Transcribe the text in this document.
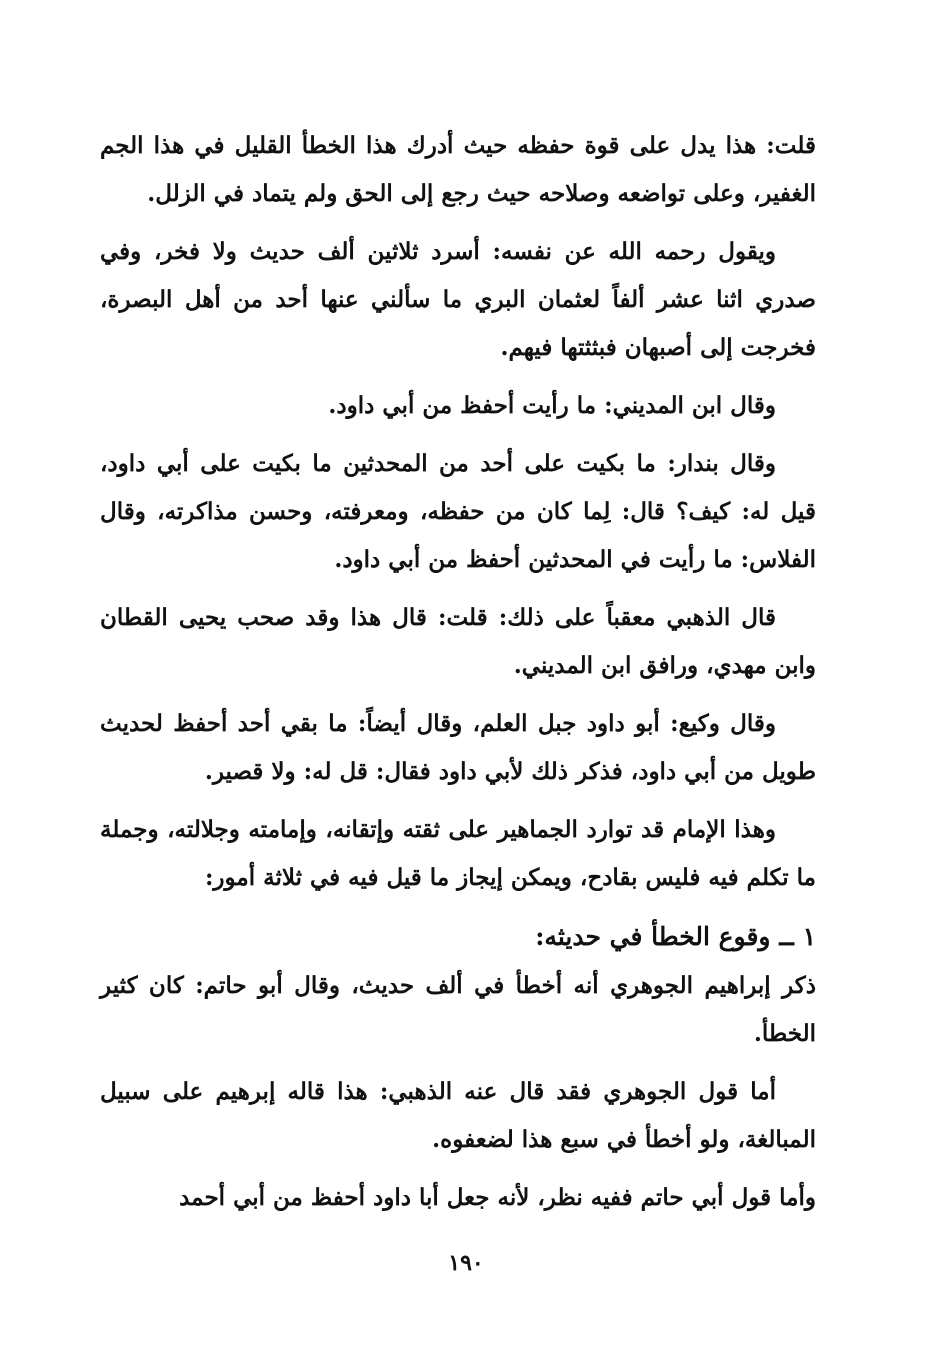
قلت: هذا يدل على قوة حفظه حيث أدرك هذا الخطأ القليل في هذا الجم الغفير، وعلى تواضعه وصلاحه حيث رجع إلى الحق ولم يتماد في الزلل.

ويقول رحمه الله عن نفسه: أسرد ثلاثين ألف حديث ولا فخر، وفي صدري اثنا عشر ألفاً لعثمان البري ما سألني عنها أحد من أهل البصرة، فخرجت إلى أصبهان فبثثتها فيهم.

وقال ابن المديني: ما رأيت أحفظ من أبي داود.

وقال بندار: ما بكيت على أحد من المحدثين ما بكيت على أبي داود، قيل له: كيف؟ قال: لِما كان من حفظه، ومعرفته، وحسن مذاكرته، وقال الفلاس: ما رأيت في المحدثين أحفظ من أبي داود.

قال الذهبي معقباً على ذلك: قلت: قال هذا وقد صحب يحيى القطان وابن مهدي، ورافق ابن المديني.

وقال وكيع: أبو داود جبل العلم، وقال أيضاً: ما بقي أحد أحفظ لحديث طويل من أبي داود، فذكر ذلك لأبي داود فقال: قل له: ولا قصير.

وهذا الإمام قد توارد الجماهير على ثقته وإتقانه، وإمامته وجلالته، وجملة ما تكلم فيه فليس بقادح، ويمكن إيجاز ما قيل فيه في ثلاثة أمور:

١ ــ وقوع الخطأ في حديثه:

ذكر إبراهيم الجوهري أنه أخطأ في ألف حديث، وقال أبو حاتم: كان كثير الخطأ.

أما قول الجوهري فقد قال عنه الذهبي: هذا قاله إبرهيم على سبيل المبالغة، ولو أخطأ في سبع هذا لضعفوه.

وأما قول أبي حاتم ففيه نظر، لأنه جعل أبا داود أحفظ من أبي أحمد

١٩٠
